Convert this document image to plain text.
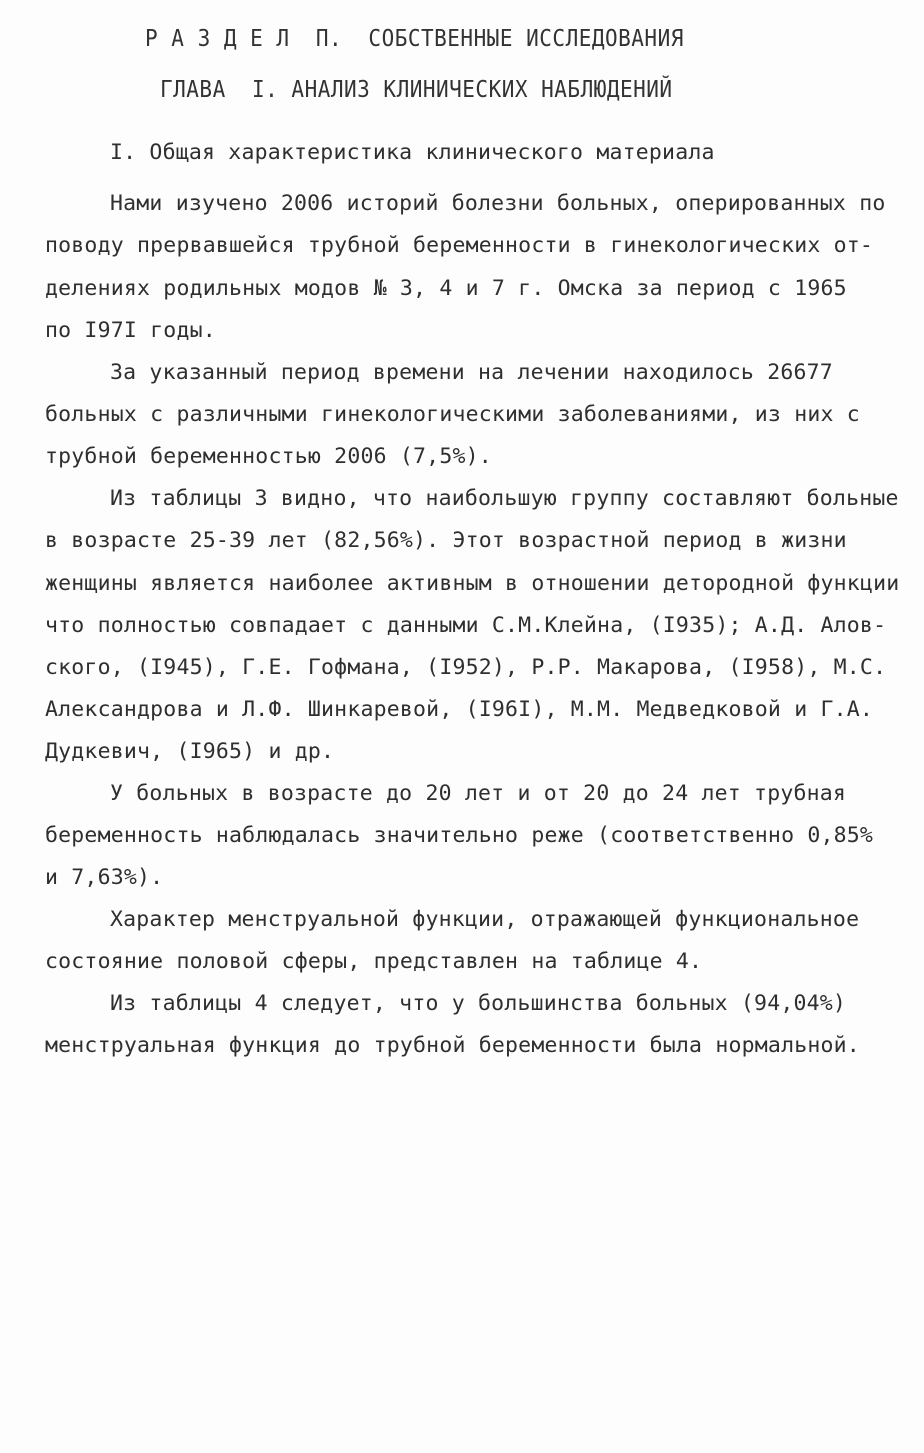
Р А З Д Е Л  П.  СОБСТВЕННЫЕ ИССЛЕДОВАНИЯ
ГЛАВА  I. АНАЛИЗ КЛИНИЧЕСКИХ НАБЛЮДЕНИЙ
I. Общая характеристика клинического материала
Нами изучено 2006 историй болезни больных, оперированных по
поводу прервавшейся трубной беременности в гинекологических от-
делениях родильных модов № 3, 4 и 7 г. Омска за период с 1965
по I97I годы.
За указанный период времени на лечении находилось 26677
больных с различными гинекологическими заболеваниями, из них с
трубной беременностью 2006 (7,5%).
Из таблицы 3 видно, что наибольшую группу составляют больные
в возрасте 25-39 лет (82,56%). Этот возрастной период в жизни
женщины является наиболее активным в отношении детородной функции
что полностью совпадает с данными С.М.Клейна, (I935); А.Д. Алов-
ского, (I945), Г.Е. Гофмана, (I952), Р.Р. Макарова, (I958), М.С.
Александрова и Л.Ф. Шинкаревой, (I96I), М.М. Медведковой и Г.А.
Дудкевич, (I965) и др.
У больных в возрасте до 20 лет и от 20 до 24 лет трубная
беременность наблюдалась значительно реже (соответственно 0,85%
и 7,63%).
Характер менструальной функции, отражающей функциональное
состояние половой сферы, представлен на таблице 4.
Из таблицы 4 следует, что у большинства больных (94,04%)
менструальная функция до трубной беременности была нормальной.
